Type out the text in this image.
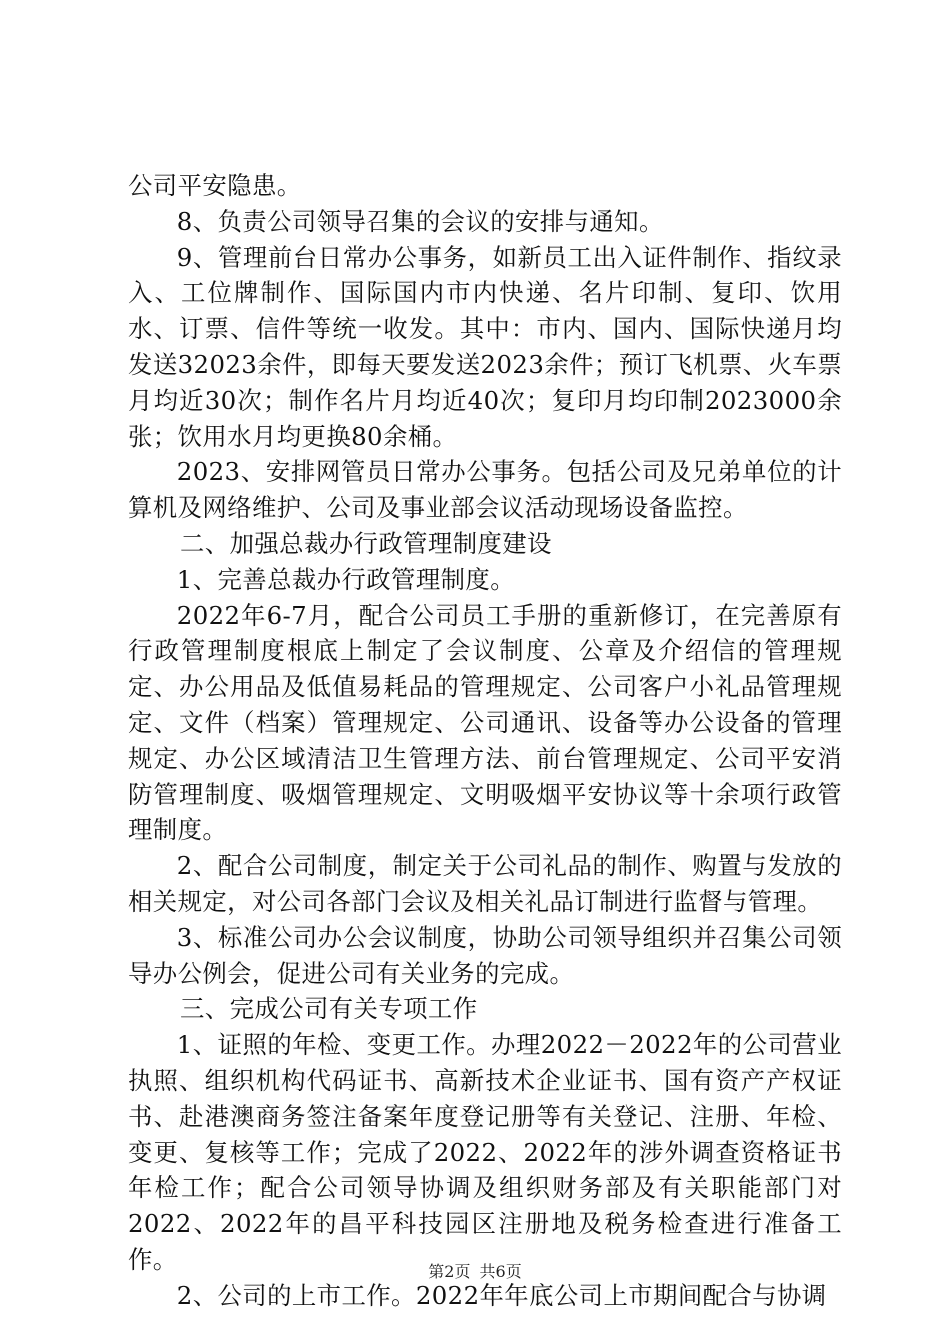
公司平安隐患。

8、负责公司领导召集的会议的安排与通知。

9、管理前台日常办公事务，如新员工出入证件制作、指纹录入、工位牌制作、国际国内市内快递、名片印制、复印、饮用水、订票、信件等统一收发。其中：市内、国内、国际快递月均发送32023余件，即每天要发送2023余件；预订飞机票、火车票月均近30次；制作名片月均近40次；复印月均印制2023000余张；饮用水月均更换80余桶。

2023、安排网管员日常办公事务。包括公司及兄弟单位的计算机及网络维护、公司及事业部会议活动现场设备监控。

二、加强总裁办行政管理制度建设

1、完善总裁办行政管理制度。

2022年6-7月，配合公司员工手册的重新修订，在完善原有行政管理制度根底上制定了会议制度、公章及介绍信的管理规定、办公用品及低值易耗品的管理规定、公司客户小礼品管理规定、文件（档案）管理规定、公司通讯、设备等办公设备的管理规定、办公区域清洁卫生管理方法、前台管理规定、公司平安消防管理制度、吸烟管理规定、文明吸烟平安协议等十余项行政管理制度。

2、配合公司制度，制定关于公司礼品的制作、购置与发放的相关规定，对公司各部门会议及相关礼品订制进行监督与管理。

3、标准公司办公会议制度，协助公司领导组织并召集公司领导办公例会，促进公司有关业务的完成。

三、完成公司有关专项工作

1、证照的年检、变更工作。办理2022－2022年的公司营业执照、组织机构代码证书、高新技术企业证书、国有资产产权证书、赴港澳商务签注备案年度登记册等有关登记、注册、年检、变更、复核等工作；完成了2022、2022年的涉外调查资格证书年检工作；配合公司领导协调及组织财务部及有关职能部门对2022、2022年的昌平科技园区注册地及税务检查进行准备工作。

2、公司的上市工作。2022年年底公司上市期间配合与协调

第2页 共6页
